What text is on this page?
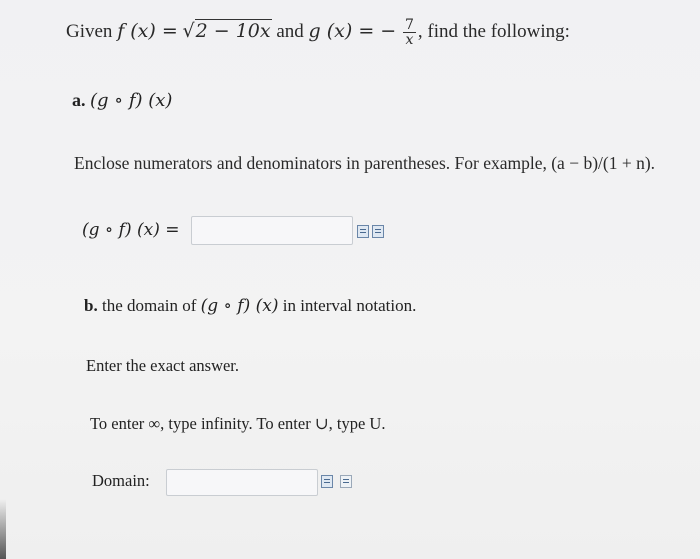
Given f (x) = √2 − 10x and g (x) = − $\frac{7}{x}$ , find the following:
a. (g ∘ f) (x)
Enclose numerators and denominators in parentheses. For example, (a − b)/(1 + n).
(g ∘ f) (x) =
b. the domain of (g ∘ f) (x) in interval notation.
Enter the exact answer.
To enter ∞, type infinity. To enter ∪, type U.
Domain:
